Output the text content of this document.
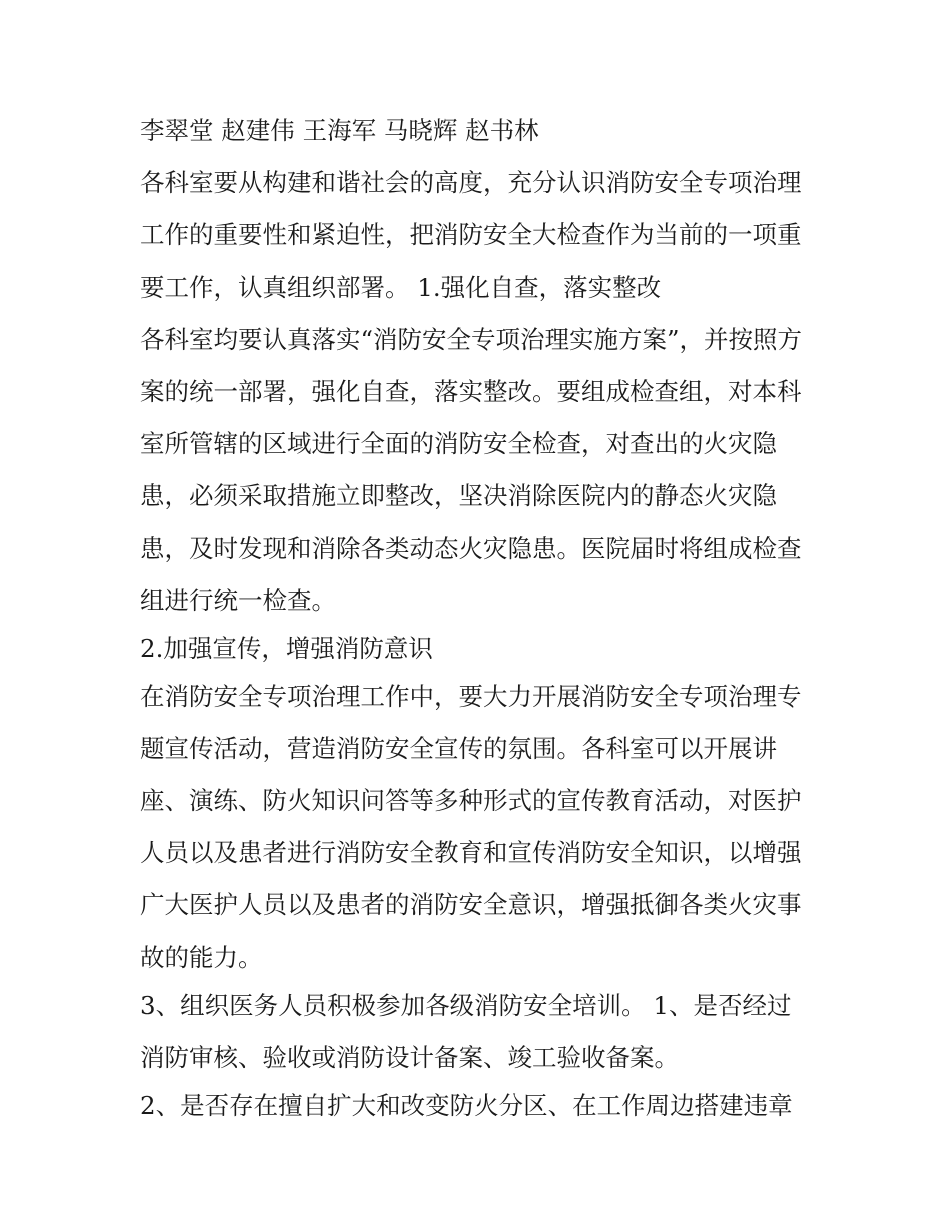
李翠堂 赵建伟 王海军 马晓辉 赵书林
各科室要从构建和谐社会的高度，充分认识消防安全专项治理
工作的重要性和紧迫性，把消防安全大检查作为当前的一项重
要工作，认真组织部署。 1.强化自查，落实整改
各科室均要认真落实“消防安全专项治理实施方案”，并按照方
案的统一部署，强化自查，落实整改。要组成检查组，对本科
室所管辖的区域进行全面的消防安全检查，对查出的火灾隐
患，必须采取措施立即整改，坚决消除医院内的静态火灾隐
患，及时发现和消除各类动态火灾隐患。医院届时将组成检查
组进行统一检查。
2.加强宣传，增强消防意识
在消防安全专项治理工作中，要大力开展消防安全专项治理专
题宣传活动，营造消防安全宣传的氛围。各科室可以开展讲
座、演练、防火知识问答等多种形式的宣传教育活动，对医护
人员以及患者进行消防安全教育和宣传消防安全知识，以增强
广大医护人员以及患者的消防安全意识，增强抵御各类火灾事
故的能力。
3、组织医务人员积极参加各级消防安全培训。 1、是否经过
消防审核、验收或消防设计备案、竣工验收备案。
2、是否存在擅自扩大和改变防火分区、在工作周边搭建违章
